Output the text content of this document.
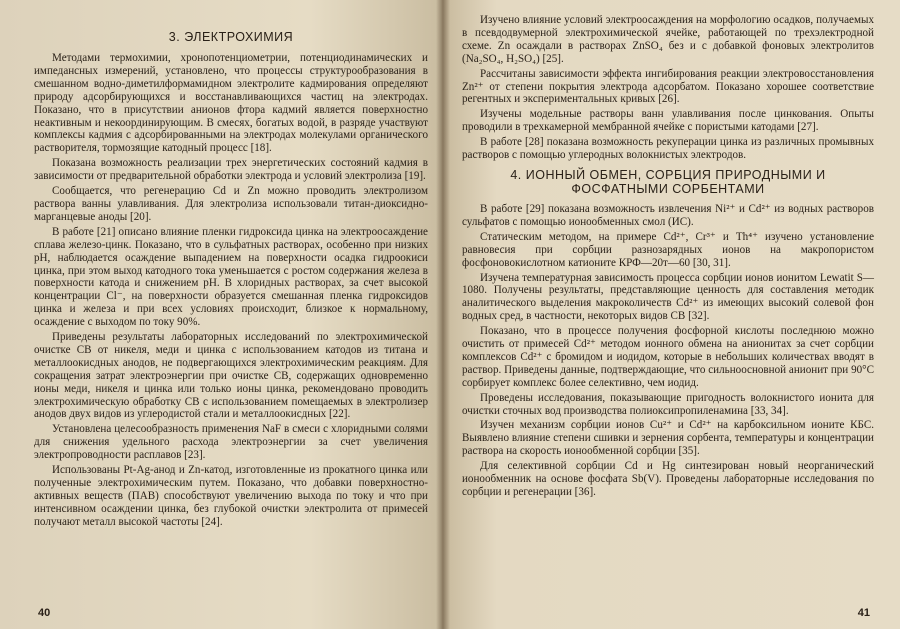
3. ЭЛЕКТРОХИМИЯ

Методами термохимии, хронопотенциометрии, потенциодинамических и импедансных измерений, установлено, что процессы структурообразования в смешанном водно-диметилформамидном электролите кадмирования определяют природу адсорбирующихся и восстанавливающихся частиц на электродах. Показано, что в присутствии анионов фтора кадмий является поверхностно неактивным и некоординирующим. В смесях, богатых водой, в разряде участвуют комплексы кадмия с адсорбированными на электродах молекулами органического растворителя, тормозящие катодный процесс [18].

Показана возможность реализации трех энергетических состояний кадмия в зависимости от предварительной обработки электрода и условий электролиза [19].

Сообщается, что регенерацию Cd и Zn можно проводить электролизом раствора ванны улавливания. Для электролиза использовали титан-диоксидно-марганцевые аноды [20].

В работе [21] описано влияние пленки гидроксида цинка на электроосаждение сплава железо-цинк. Показано, что в сульфатных растворах, особенно при низких pH, наблюдается осаждение выпадением на поверхности осадка гидроокиси цинка, при этом выход катодного тока уменьшается с ростом содержания железа в поверхности катода и снижением pH. В хлоридных растворах, за счет высокой концентрации Cl⁻, на поверхности образуется смешанная пленка гидроксидов цинка и железа и при всех условиях происходит, близкое к нормальному, осаждение с выходом по току 90%.

Приведены результаты лабораторных исследований по электрохимической очистке СВ от никеля, меди и цинка с использованием катодов из титана и металлоокисдных анодов, не подвергающихся электрохимическим реакциям. Для сокращения затрат электроэнергии при очистке СВ, содержащих одновременно ионы меди, никеля и цинка или только ионы цинка, рекомендовано проводить электрохимическую обработку СВ с использованием помещаемых в электролизер анодов двух видов из углеродистой стали и металлоокисдных [22].

Установлена целесообразность применения NaF в смеси с хлоридными солями для снижения удельного расхода электроэнергии за счет увеличения электропроводности расплавов [23].

Использованы Pt-Ag-анод и Zn-катод, изготовленные из прокатного цинка или полученные электрохимическим путем. Показано, что добавки поверхностно-активных веществ (ПАВ) способствуют увеличению выхода по току и что при интенсивном осаждении цинка, без глубокой очистки электролита от примесей получают металл высокой частоты [24].

40

Изучено влияние условий электроосаждения на морфологию осадков, получаемых в псевдодвумерной электрохимической ячейке, работающей по трехэлектродной схеме. Zn осаждали в растворах ZnSO₄ без и с добавкой фоновых электролитов (Na₂SO₄, H₂SO₄) [25].

Рассчитаны зависимости эффекта ингибирования реакции электровосстановления Zn²⁺ от степени покрытия электрода адсорбатом. Показано хорошее соответствие регентных и экспериментальных кривых [26].

Изучены модельные растворы ванн улавливания после цинкования. Опыты проводили в трехкамерной мембранной ячейке с пористыми катодами [27].

В работе [28] показана возможность рекуперации цинка из различных промывных растворов с помощью углеродных волокнистых электродов.

4. ИОННЫЙ ОБМЕН, СОРБЦИЯ ПРИРОДНЫМИ И ФОСФАТНЫМИ СОРБЕНТАМИ

В работе [29] показана возможность извлечения Ni²⁺ и Cd²⁺ из водных растворов сульфатов с помощью ионообменных смол (ИС).

Статическим методом, на примере Cd²⁺, Cr³⁺ и Th⁴⁺ изучено установление равновесия при сорбции разнозарядных ионов на макропористом фосфоновокислотном катионите КРФ—20т—60 [30, 31].

Изучена температурная зависимость процесса сорбции ионов ионитом Lewatit S—1080. Получены результаты, представляющие ценность для составления методик аналитического выделения макроколичеств Cd²⁺ из имеющих высокий солевой фон водных сред, в частности, некоторых видов СВ [32].

Показано, что в процессе получения фосфорной кислоты последнюю можно очистить от примесей Cd²⁺ методом ионного обмена на анионитах за счет сорбции комплексов Cd²⁺ с бромидом и иодидом, которые в небольших количествах вводят в раствор. Приведены данные, подтверждающие, что сильноосновной анионит при 90°С сорбирует комплекс более селективно, чем иодид.

Проведены исследования, показывающие пригодность волокнистого ионита для очистки сточных вод производства полиоксипропиленамина [33, 34].

Изучен механизм сорбции ионов Cu²⁺ и Cd²⁺ на карбоксильном ионите КБС. Выявлено влияние степени сшивки и зернения сорбента, температуры и концентрации раствора на скорость ионообменной сорбции [35].

Для селективной сорбции Cd и Hg синтезирован новый неорганический ионообменник на основе фосфата Sb(V). Проведены лабораторные исследования по сорбции и регенерации [36].

41
